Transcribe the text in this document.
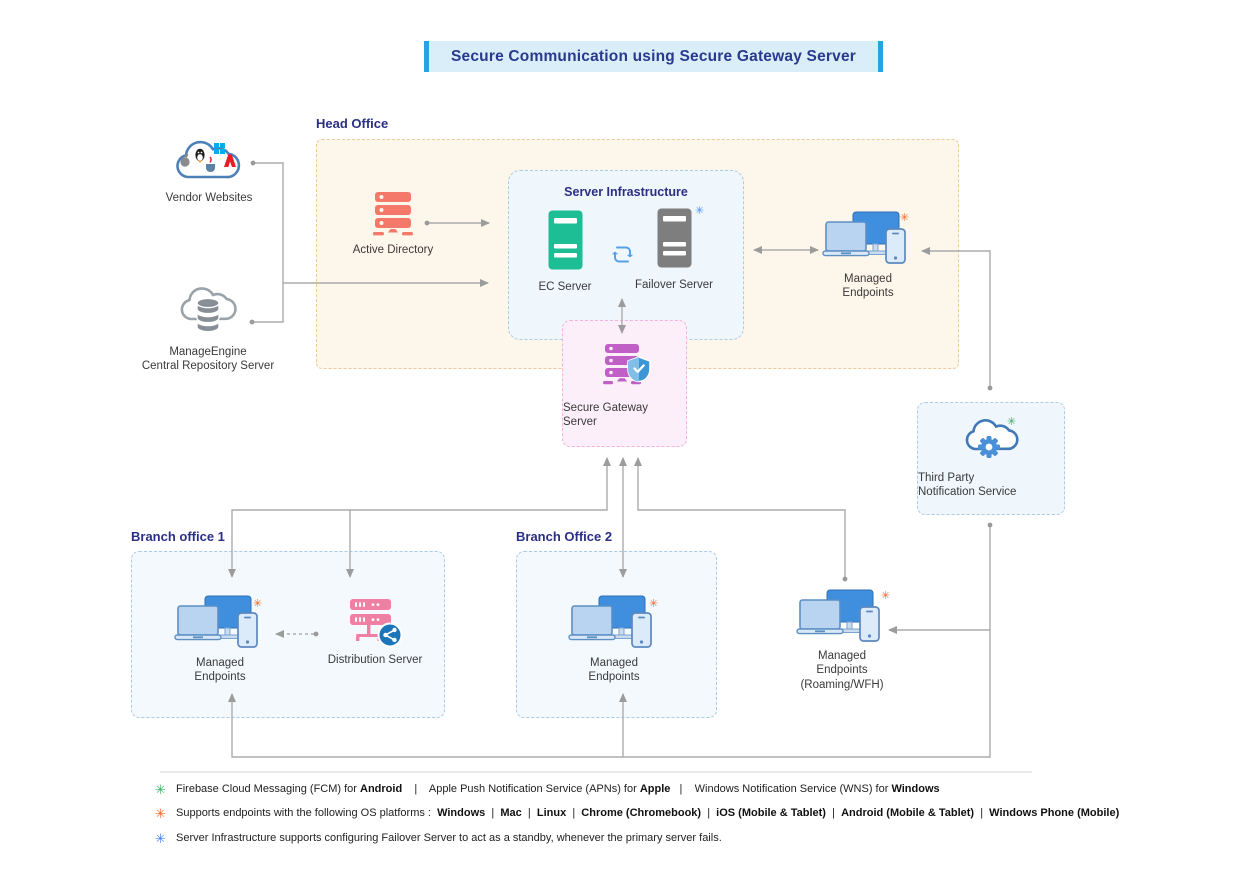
Secure Communication using Secure Gateway Server
Head Office
Server Infrastructure
Branch office 1	Branch Office 2
Vendor Websites
ManageEngine
Central Repository Server
Active Directory
EC Server	Failover Server
✳
Managed Endpoints
✳
Secure Gateway
Server
Third Party
Notification Service
✳
Managed Endpoints
✳
Distribution Server	Managed Endpoints
✳
Managed Endpoints
(Roaming/WFH)
✳
✳ Firebase Cloud Messaging (FCM) for Android    |    Apple Push Notification Service (APNs) for Apple   |    Windows Notification Service (WNS) for Windows
✳ Supports endpoints with the following OS platforms :  Windows  |  Mac  |  Linux  |  Chrome (Chromebook)  |  iOS (Mobile & Tablet)  |  Android (Mobile & Tablet)  |  Windows Phone (Mobile)
✳ Server Infrastructure supports configuring Failover Server to act as a standby, whenever the primary server fails.
